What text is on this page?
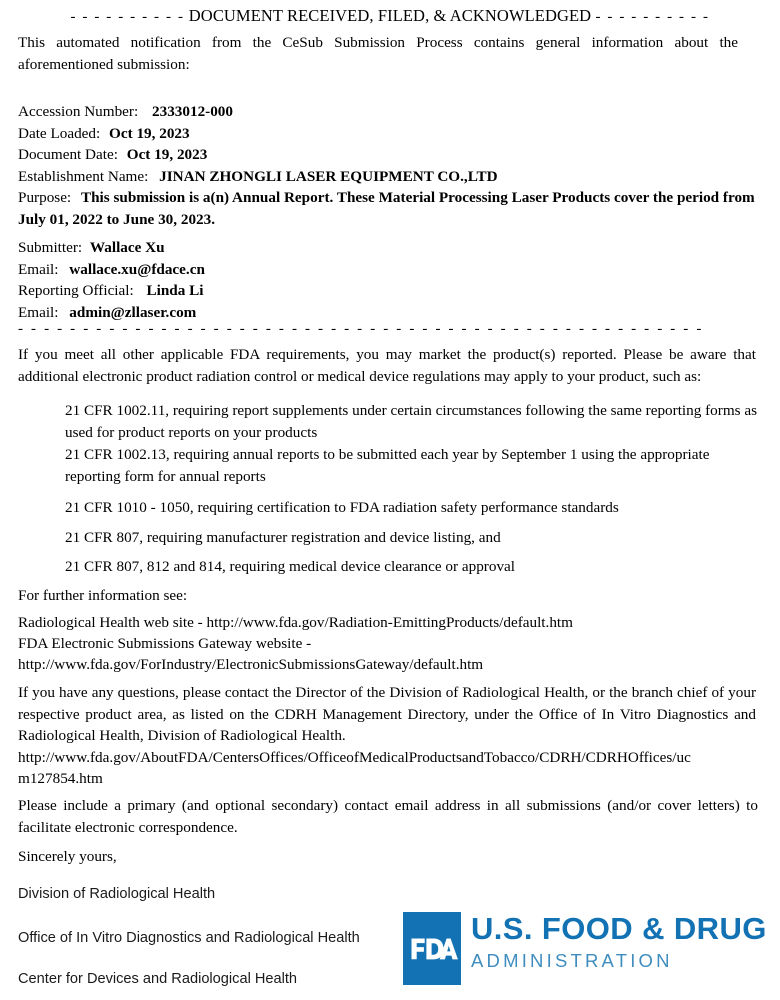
- - - - - - - - - - DOCUMENT RECEIVED, FILED, & ACKNOWLEDGED - - - - - - - - - -
This automated notification from the CeSub Submission Process contains general information about the aforementioned submission:
Accession Number: 2333012-000
Date Loaded: Oct 19, 2023
Document Date: Oct 19, 2023
Establishment Name: JINAN ZHONGLI LASER EQUIPMENT CO.,LTD
Purpose: This submission is a(n) Annual Report. These Material Processing Laser Products cover the period from July 01, 2022 to June 30, 2023.
Submitter: Wallace Xu
Email: wallace.xu@fdace.cn
Reporting Official: Linda Li
Email: admin@zllaser.com
- - - - - - - - - - - - - - - - - - - - - - - - - - - - - - - - - - - - - - - - - - - - - - - - - - - - -
If you meet all other applicable FDA requirements, you may market the product(s) reported. Please be aware that additional electronic product radiation control or medical device regulations may apply to your product, such as:
21 CFR 1002.11, requiring report supplements under certain circumstances following the same reporting forms as used for product reports on your products
21 CFR 1002.13, requiring annual reports to be submitted each year by September 1 using the appropriate reporting form for annual reports
21 CFR 1010 - 1050, requiring certification to FDA radiation safety performance standards
21 CFR 807, requiring manufacturer registration and device listing, and
21 CFR 807, 812 and 814, requiring medical device clearance or approval
For further information see:
Radiological Health web site - http://www.fda.gov/Radiation-EmittingProducts/default.htm
FDA Electronic Submissions Gateway website -
http://www.fda.gov/ForIndustry/ElectronicSubmissionsGateway/default.htm
If you have any questions, please contact the Director of the Division of Radiological Health, or the branch chief of your respective product area, as listed on the CDRH Management Directory, under the Office of In Vitro Diagnostics and Radiological Health, Division of Radiological Health.
http://www.fda.gov/AboutFDA/CentersOffices/OfficeofMedicalProductsandTobacco/CDRH/CDRHOffices/uc
m127854.htm
Please include a primary (and optional secondary) contact email address in all submissions (and/or cover letters) to facilitate electronic correspondence.
Sincerely yours,
Division of Radiological Health
Office of In Vitro Diagnostics and Radiological Health
Center for Devices and Radiological Health
U.S. FOOD & DRUG
ADMINISTRATION
